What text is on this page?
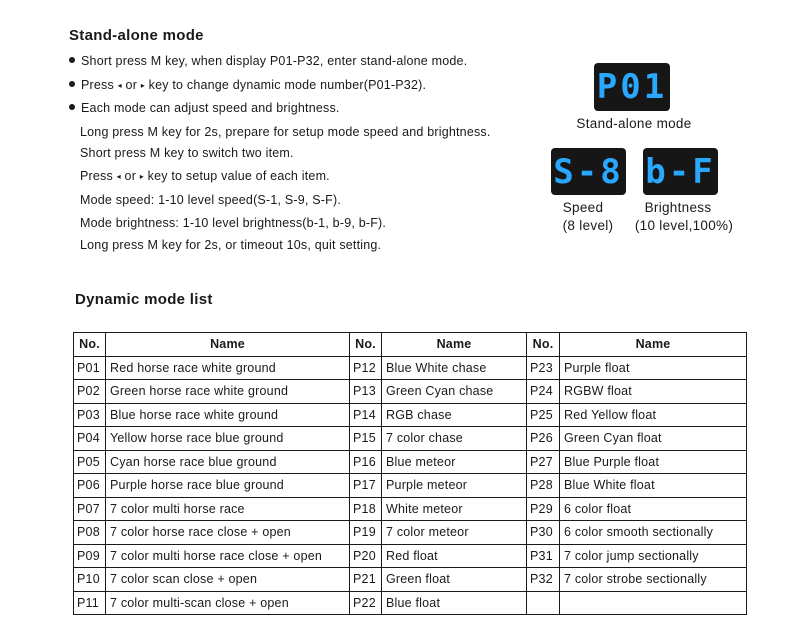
Stand-alone mode
Short press M key, when display P01-P32, enter stand-alone mode.
Press ◂ or ▸ key to change dynamic mode number(P01-P32).
Each mode can adjust speed and brightness.
Long press M key for 2s, prepare for setup mode speed and brightness.
Short press M key to switch two item.
Press ◂ or ▸ key to setup value of each item.
Mode speed: 1-10 level speed(S-1, S-9, S-F).
Mode brightness: 1-10 level brightness(b-1, b-9, b-F).
Long press M key for 2s, or timeout 10s, quit setting.
P01
Stand-alone mode
S-8
Speed
(8 level)
b-F
Brightness
(10 level,100%)
Dynamic mode list
No.	Name	No.	Name	No.	Name
P01	Red horse race white ground	P12	Blue White chase	P23	Purple float
P02	Green horse race white ground	P13	Green Cyan chase	P24	RGBW float
P03	Blue horse race white ground	P14	RGB chase	P25	Red Yellow float
P04	Yellow horse race blue ground	P15	7 color chase	P26	Green Cyan float
P05	Cyan horse race blue ground	P16	Blue meteor	P27	Blue Purple float
P06	Purple horse race blue ground	P17	Purple meteor	P28	Blue White float
P07	7 color multi horse race	P18	White meteor	P29	6 color float
P08	7 color horse race close + open	P19	7 color meteor	P30	6 color smooth sectionally
P09	7 color multi horse race close + open	P20	Red float	P31	7 color jump sectionally
P10	7 color scan close + open	P21	Green float	P32	7 color strobe sectionally
P11	7 color multi-scan close + open	P22	Blue float		
